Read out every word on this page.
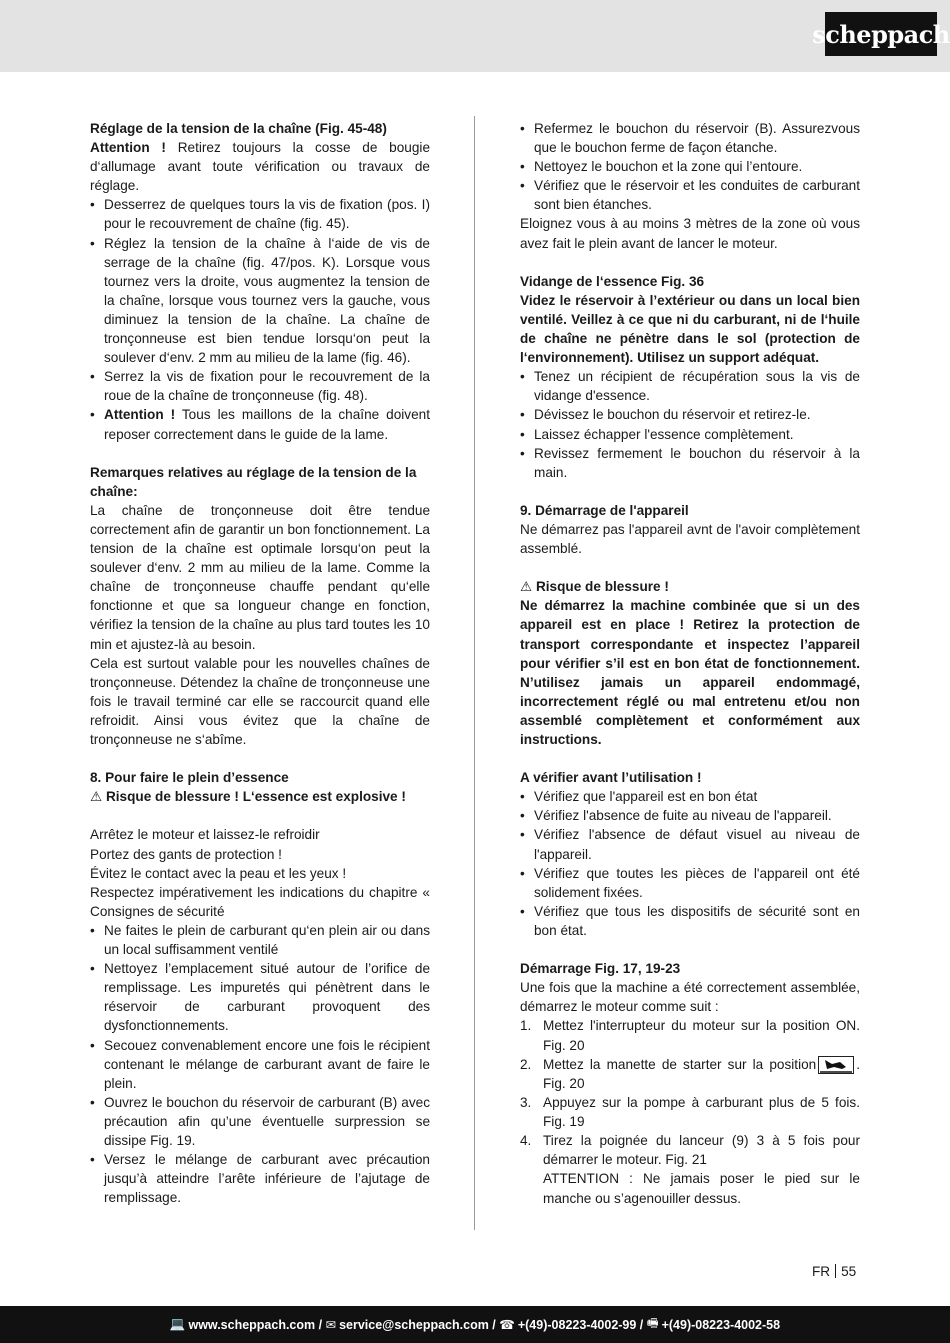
scheppach

Réglage de la tension de la chaîne (Fig. 45-48)

Attention ! Retirez toujours la cosse de bougie d‘allumage avant toute vérification ou travaux de réglage.

• Desserrez de quelques tours la vis de fixation (pos. I) pour le recouvrement de chaîne (fig. 45).
• Réglez la tension de la chaîne à l‘aide de vis de serrage de la chaîne (fig. 47/pos. K). Lorsque vous tournez vers la droite, vous augmentez la tension de la chaîne, lorsque vous tournez vers la gauche, vous diminuez la tension de la chaîne. La chaîne de tronçonneuse est bien tendue lorsqu‘on peut la soulever d‘env. 2 mm au milieu de la lame (fig. 46).
• Serrez la vis de fixation pour le recouvrement de la roue de la chaîne de tronçonneuse (fig. 48).
• Attention ! Tous les maillons de la chaîne doivent reposer correctement dans le guide de la lame.

Remarques relatives au réglage de la tension de la chaîne:

La chaîne de tronçonneuse doit être tendue correctement afin de garantir un bon fonctionnement. La tension de la chaîne est optimale lorsqu‘on peut la soulever d‘env. 2 mm au milieu de la lame. Comme la chaîne de tronçonneuse chauffe pendant qu‘elle fonctionne et que sa longueur change en fonction, vérifiez la tension de la chaîne au plus tard toutes les 10 min et ajustez-là au besoin.

Cela est surtout valable pour les nouvelles chaînes de tronçonneuse. Détendez la chaîne de tronçonneuse une fois le travail terminé car elle se raccourcit quand elle refroidit. Ainsi vous évitez que la chaîne de tronçonneuse ne s‘abîme.

8. Pour faire le plein d’essence

⚠ Risque de blessure ! L‘essence est explosive !

Arrêtez le moteur et laissez-le refroidir

Portez des gants de protection !

Évitez le contact avec la peau et les yeux !

Respectez impérativement les indications du chapitre « Consignes de sécurité

• Ne faites le plein de carburant qu‘en plein air ou dans un local suffisamment ventilé
• Nettoyez l’emplacement situé autour de l’orifice de remplissage. Les impuretés qui pénètrent dans le réservoir de carburant provoquent des dysfonctionnements.
• Secouez convenablement encore une fois le récipient contenant le mélange de carburant avant de faire le plein.
• Ouvrez le bouchon du réservoir de carburant (B) avec précaution afin qu’une éventuelle surpression se dissipe Fig. 19.
• Versez le mélange de carburant avec précaution jusqu’à atteindre l’arête inférieure de l’ajutage de remplissage.
• Refermez le bouchon du réservoir (B). Assurezvous que le bouchon ferme de façon étanche.
• Nettoyez le bouchon et la zone qui l’entoure.
• Vérifiez que le réservoir et les conduites de carburant sont bien étanches.

Eloignez vous à au moins 3 mètres de la zone où vous avez fait le plein avant de lancer le moteur.

Vidange de l‘essence Fig. 36

Videz le réservoir à l’extérieur ou dans un local bien ventilé. Veillez à ce que ni du carburant, ni de l‘huile de chaîne ne pénètre dans le sol (protection de l‘environnement). Utilisez un support adéquat.

• Tenez un récipient de récupération sous la vis de vidange d'essence.
• Dévissez le bouchon du réservoir et retirez-le.
• Laissez échapper l'essence complètement.
• Revissez fermement le bouchon du réservoir à la main.

9. Démarrage de l'appareil

Ne démarrez pas l'appareil avnt de l'avoir complètement assemblé.

⚠ Risque de blessure !

Ne démarrez la machine combinée que si un des appareil est en place ! Retirez la protection de transport correspondante et inspectez l’appareil pour vérifier s’il est en bon état de fonctionnement. N’utilisez jamais un appareil endommagé, incorrectement réglé ou mal entretenu et/ou non assemblé complètement et conformément aux instructions.

A vérifier avant l’utilisation !

• Vérifiez que l'appareil est en bon état
• Vérifiez l'absence de fuite au niveau de l'appareil.
• Vérifiez l'absence de défaut visuel au niveau de l'appareil.
• Vérifiez que toutes les pièces de l'appareil ont été solidement fixées.
• Vérifiez que tous les dispositifs de sécurité sont en bon état.

Démarrage Fig. 17, 19-23

Une fois que la machine a été correctement assemblée, démarrez le moteur comme suit :

1. Mettez l'interrupteur du moteur sur la position ON. Fig. 20
2. Mettez la manette de starter sur la position	. Fig. 20
3. Appuyez sur la pompe à carburant plus de 5 fois. Fig. 19
4. Tirez la poignée du lanceur (9) 3 à 5 fois pour démarrer le moteur. Fig. 21
ATTENTION : Ne jamais poser le pied sur le manche ou s’agenouiller dessus.
FR 55
💻 www.scheppach.com /
✉ service@scheppach.com /
☎ +(49)-08223-4002-99 /
🖷 +(49)-08223-4002-58
